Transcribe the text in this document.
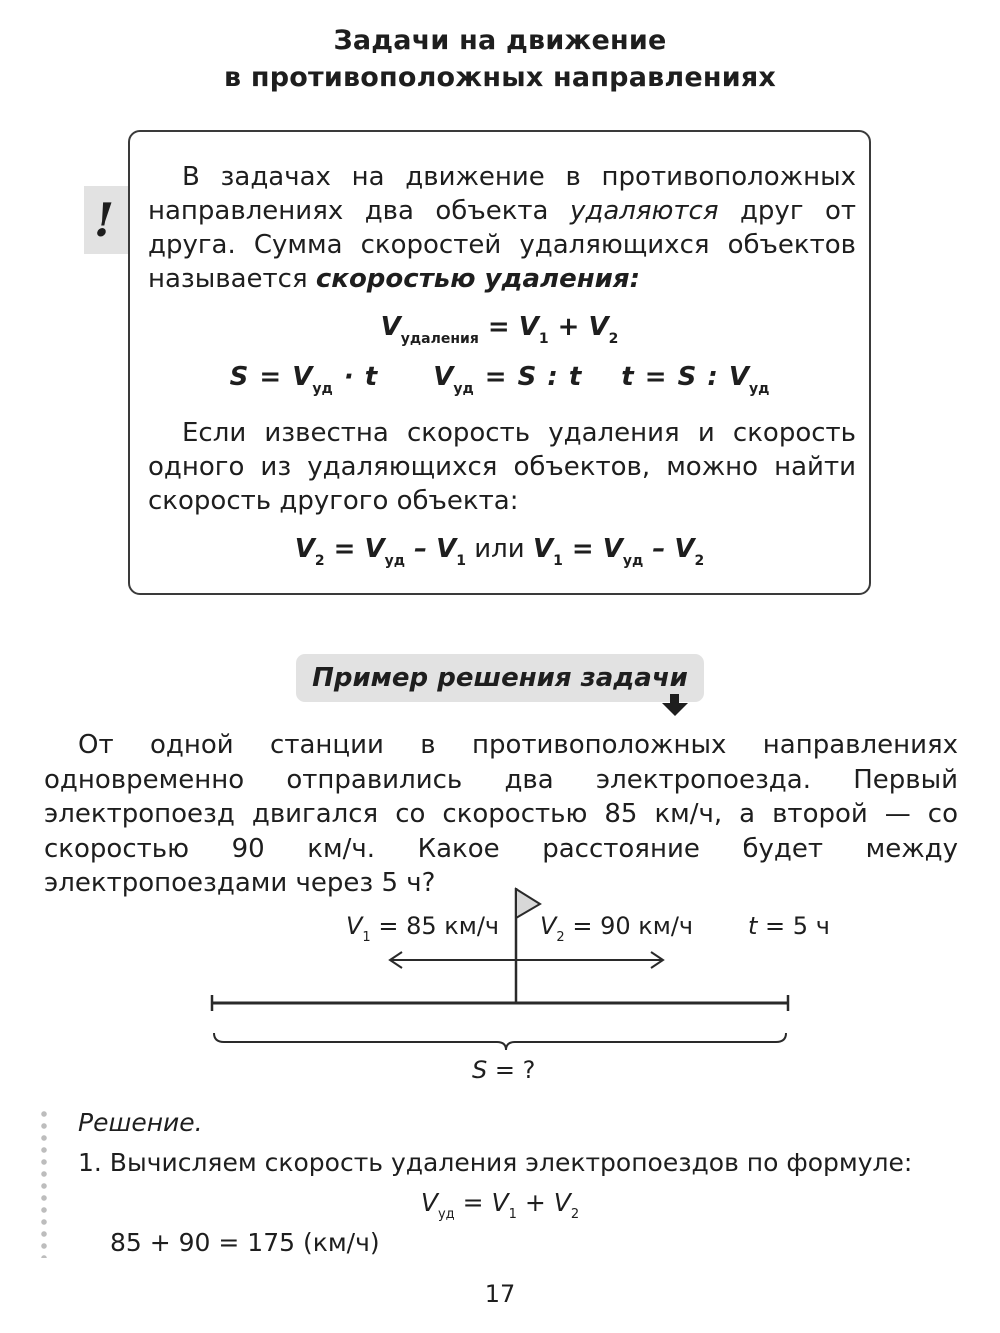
Задачи на движение
в противоположных направлениях
!
В задачах на движение в противоположных направлениях два объекта удаляются друг от друга. Сумма скоростей удаляющихся объектов называется скоростью удаления:
$V_{удаления} = V_1 + V_2$
$S = V_{уд} \cdot t$ $V_{уд} = S$ : t t = S : $V_{уд}$
Если известна скорость удаления и скорость одного из удаляющихся объектов, можно найти скорость другого объекта:
$V_2 = V_{уд} - V_1$ или $V_1 = V_{уд} - V_2$
Пример решения задачи
От одной станции в противоположных направлениях одновременно отправились два электропоезда. Первый электропоезд двигался со скоростью 85 км/ч, а второй — со скоростью 90 км/ч. Какое расстояние будет между электропоездами через 5 ч?
$V_1 = 85$ км/ч $V_2 = 90$ км/ч t = 5 ч
S = ?
Решение.
1. Вычисляем скорость удаления электропоездов по формуле:
$V_{уд} = V_1 + V_2$
85 + 90 = 175 (км/ч)
17
